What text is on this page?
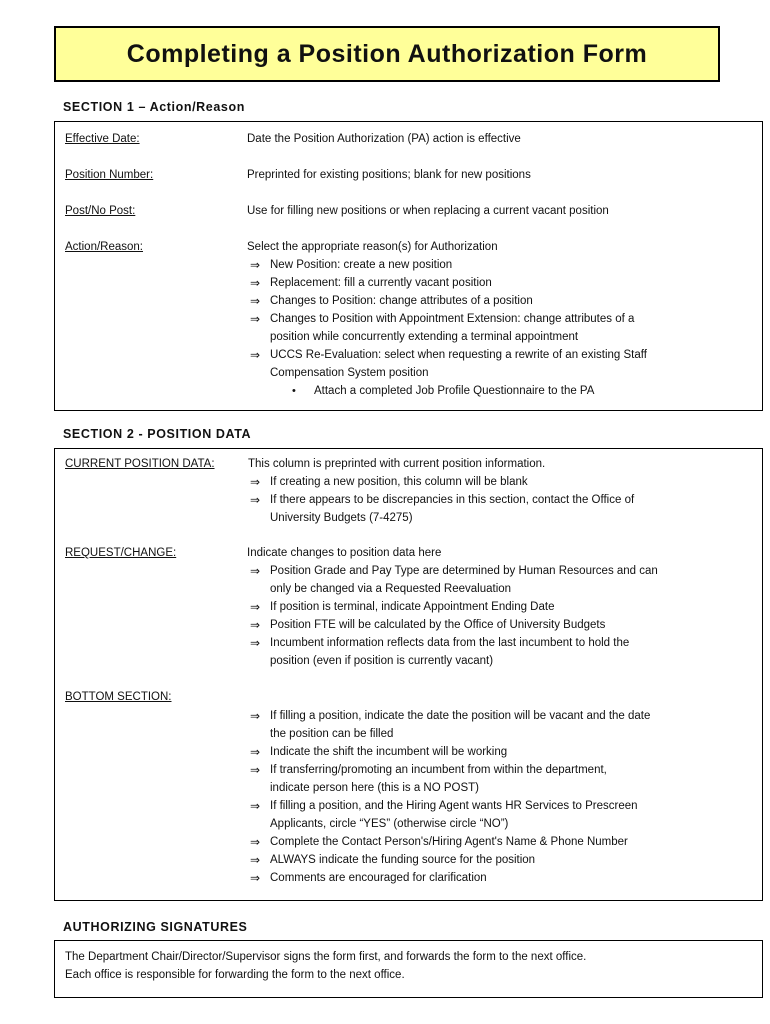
Completing a Position Authorization Form
SECTION 1 – Action/Reason
Effective Date:	Date the Position Authorization (PA) action is effective
Position Number:	Preprinted for existing positions; blank for new positions
Post/No Post:	Use for filling new positions or when replacing a current vacant position
Action/Reason:	Select the appropriate reason(s) for Authorization
⇒ New Position: create a new position
⇒ Replacement: fill a currently vacant position
⇒ Changes to Position: change attributes of a position
⇒ Changes to Position with Appointment Extension: change attributes of a
position while concurrently extending a terminal appointment
⇒ UCCS Re-Evaluation: select when requesting a rewrite of an existing Staff
Compensation System position
• Attach a completed Job Profile Questionnaire to the PA
SECTION 2 - POSITION DATA
CURRENT POSITION DATA:	This column is preprinted with current position information.
⇒ If creating a new position, this column will be blank
⇒ If there appears to be discrepancies in this section, contact the Office of
University Budgets (7-4275)
REQUEST/CHANGE:	Indicate changes to position data here
⇒ Position Grade and Pay Type are determined by Human Resources and can
only be changed via a Requested Reevaluation
⇒ If position is terminal, indicate Appointment Ending Date
⇒ Position FTE will be calculated by the Office of University Budgets
⇒ Incumbent information reflects data from the last incumbent to hold the
position (even if position is currently vacant)
BOTTOM SECTION:
⇒ If filling a position, indicate the date the position will be vacant and the date
the position can be filled
⇒ Indicate the shift the incumbent will be working
⇒ If transferring/promoting an incumbent from within the department,
indicate person here (this is a NO POST)
⇒ If filling a position, and the Hiring Agent wants HR Services to Prescreen
Applicants, circle “YES” (otherwise circle “NO”)
⇒ Complete the Contact Person's/Hiring Agent's Name & Phone Number
⇒ ALWAYS indicate the funding source for the position
⇒ Comments are encouraged for clarification
AUTHORIZING SIGNATURES
The Department Chair/Director/Supervisor signs the form first, and forwards the form to the next office.
Each office is responsible for forwarding the form to the next office.
